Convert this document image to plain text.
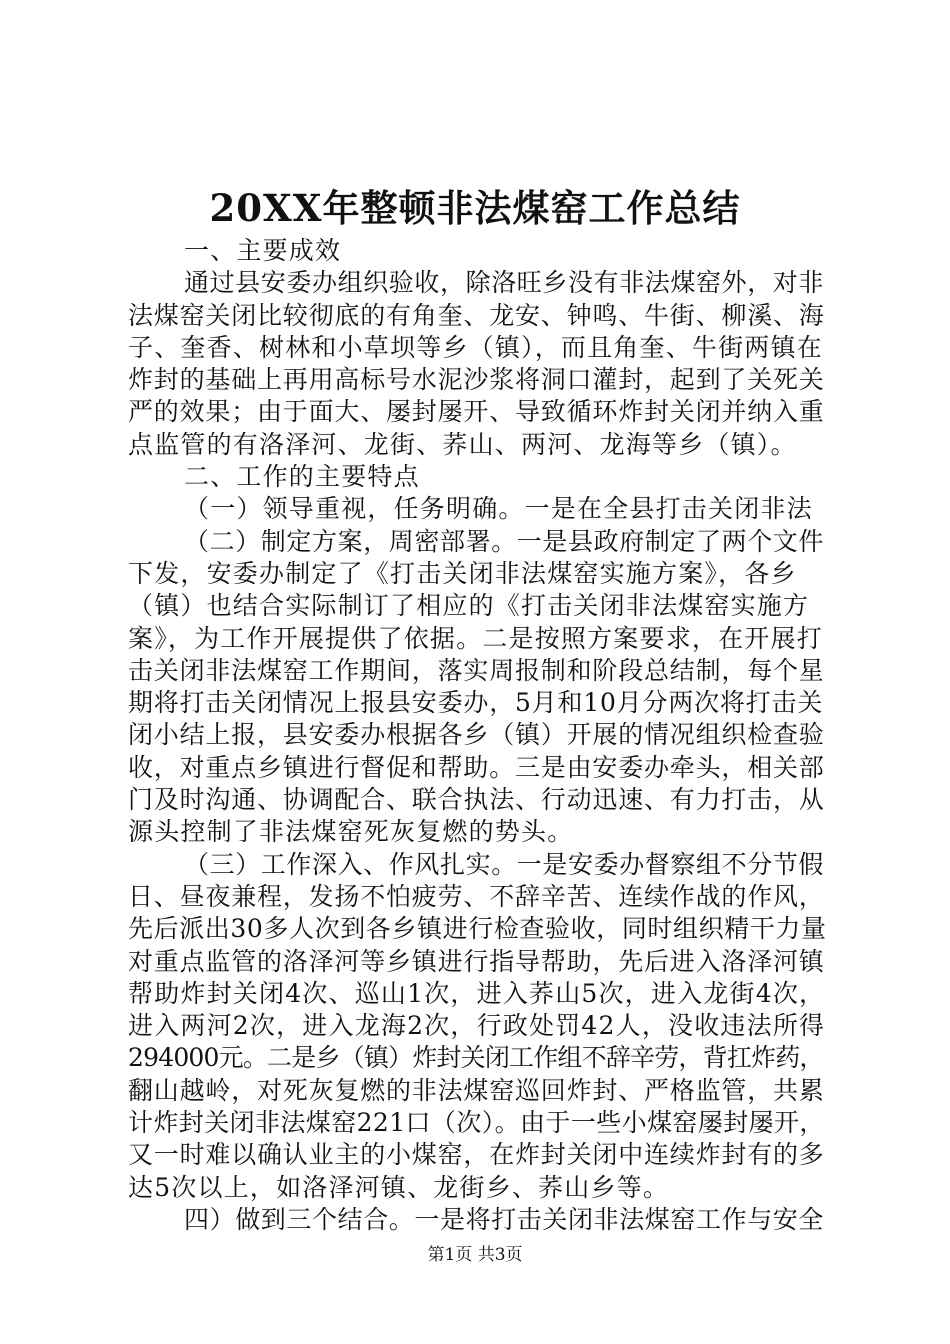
20XX年整顿非法煤窑工作总结
一、主要成效
通过县安委办组织验收，除洛旺乡没有非法煤窑外，对非
法煤窑关闭比较彻底的有角奎、龙安、钟鸣、牛街、柳溪、海
子、奎香、树林和小草坝等乡（镇），而且角奎、牛街两镇在
炸封的基础上再用高标号水泥沙浆将洞口灌封，起到了关死关
严的效果；由于面大、屡封屡开、导致循环炸封关闭并纳入重
点监管的有洛泽河、龙街、荞山、两河、龙海等乡（镇）。
二、工作的主要特点
（一）领导重视，任务明确。一是在全县打击关闭非法
（二）制定方案，周密部署。一是县政府制定了两个文件
下发，安委办制定了《打击关闭非法煤窑实施方案》，各乡
（镇）也结合实际制订了相应的《打击关闭非法煤窑实施方
案》，为工作开展提供了依据。二是按照方案要求，在开展打
击关闭非法煤窑工作期间，落实周报制和阶段总结制，每个星
期将打击关闭情况上报县安委办，5月和10月分两次将打击关
闭小结上报，县安委办根据各乡（镇）开展的情况组织检查验
收，对重点乡镇进行督促和帮助。三是由安委办牵头，相关部
门及时沟通、协调配合、联合执法、行动迅速、有力打击，从
源头控制了非法煤窑死灰复燃的势头。
（三）工作深入、作风扎实。一是安委办督察组不分节假
日、昼夜兼程，发扬不怕疲劳、不辞辛苦、连续作战的作风，
先后派出30多人次到各乡镇进行检查验收，同时组织精干力量
对重点监管的洛泽河等乡镇进行指导帮助，先后进入洛泽河镇
帮助炸封关闭4次、巡山1次，进入荞山5次，进入龙街4次，
进入两河2次，进入龙海2次，行政处罚42人，没收违法所得
294000元。二是乡（镇）炸封关闭工作组不辞辛劳，背扛炸药，
翻山越岭，对死灰复燃的非法煤窑巡回炸封、严格监管，共累
计炸封关闭非法煤窑221口（次）。由于一些小煤窑屡封屡开，
又一时难以确认业主的小煤窑，在炸封关闭中连续炸封有的多
达5次以上，如洛泽河镇、龙街乡、荞山乡等。
四）做到三个结合。一是将打击关闭非法煤窑工作与安全
第1页 共3页
